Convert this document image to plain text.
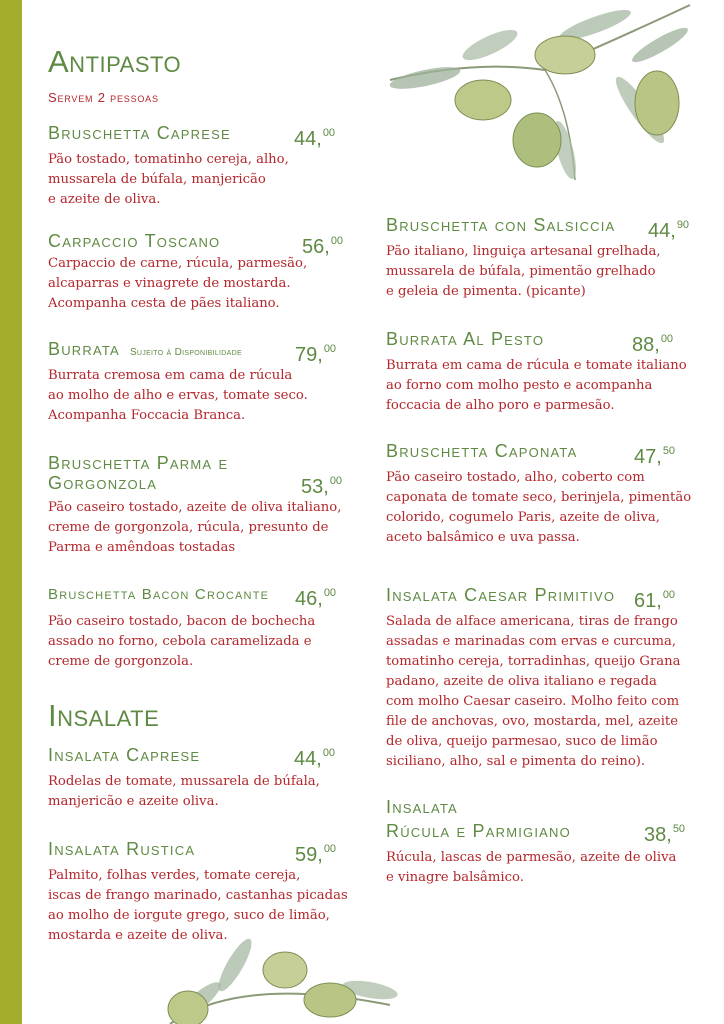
Antipasto
Servem 2 pessoas
Insalate
Bruschetta Caprese	44,00
Pão tostado, tomatinho cereja, alho,
mussarela de búfala, manjericão
e azeite de oliva.
Carpaccio Toscano	56,00
Carpaccio de carne, rúcula, parmesão,
alcaparras e vinagrete de mostarda.
Acompanha cesta de pães italiano.
Burrata Sujeito à Disponibilidade	79,00
Burrata cremosa em cama de rúcula
ao molho de alho e ervas, tomate seco.
Acompanha Foccacia Branca.
Bruschetta Parma e
Gorgonzola	53,00
Pão caseiro tostado, azeite de oliva italiano,
creme de gorgonzola, rúcula, presunto de
Parma e amêndoas tostadas
Bruschetta Bacon Crocante 46,00
Pão caseiro tostado, bacon de bochecha
assado no forno, cebola caramelizada e
creme de gorgonzola.
Insalata Caprese	44,00
Rodelas de tomate, mussarela de búfala,
manjericão e azeite oliva.
Insalata Rustica	59,00
Palmito, folhas verdes, tomate cereja,
iscas de frango marinado, castanhas picadas
ao molho de iorgute grego, suco de limão,
mostarda e azeite de oliva.
Bruschetta con Salsiccia 44,90
Pão italiano, linguiça artesanal grelhada,
mussarela de búfala, pimentão grelhado
e geleia de pimenta. (picante)
Burrata Al Pesto	88,00
Burrata em cama de rúcula e tomate italiano
ao forno com molho pesto e acompanha
foccacia de alho poro e parmesão.
Bruschetta Caponata	47,50
Pão caseiro tostado, alho, coberto com
caponata de tomate seco, berinjela, pimentão
colorido, cogumelo Paris, azeite de oliva,
aceto balsâmico e uva passa.
Insalata Caesar Primitivo 61,00
Salada de alface americana, tiras de frango
assadas e marinadas com ervas e curcuma,
tomatinho cereja, torradinhas, queijo Grana
padano, azeite de oliva italiano e regada
com molho Caesar caseiro. Molho feito com
file de anchovas, ovo, mostarda, mel, azeite
de oliva, queijo parmesao, suco de limão
siciliano, alho, sal e pimenta do reino).
Insalata
Rúcula e Parmigiano	38,50
Rúcula, lascas de parmesão, azeite de oliva
e vinagre balsâmico.
